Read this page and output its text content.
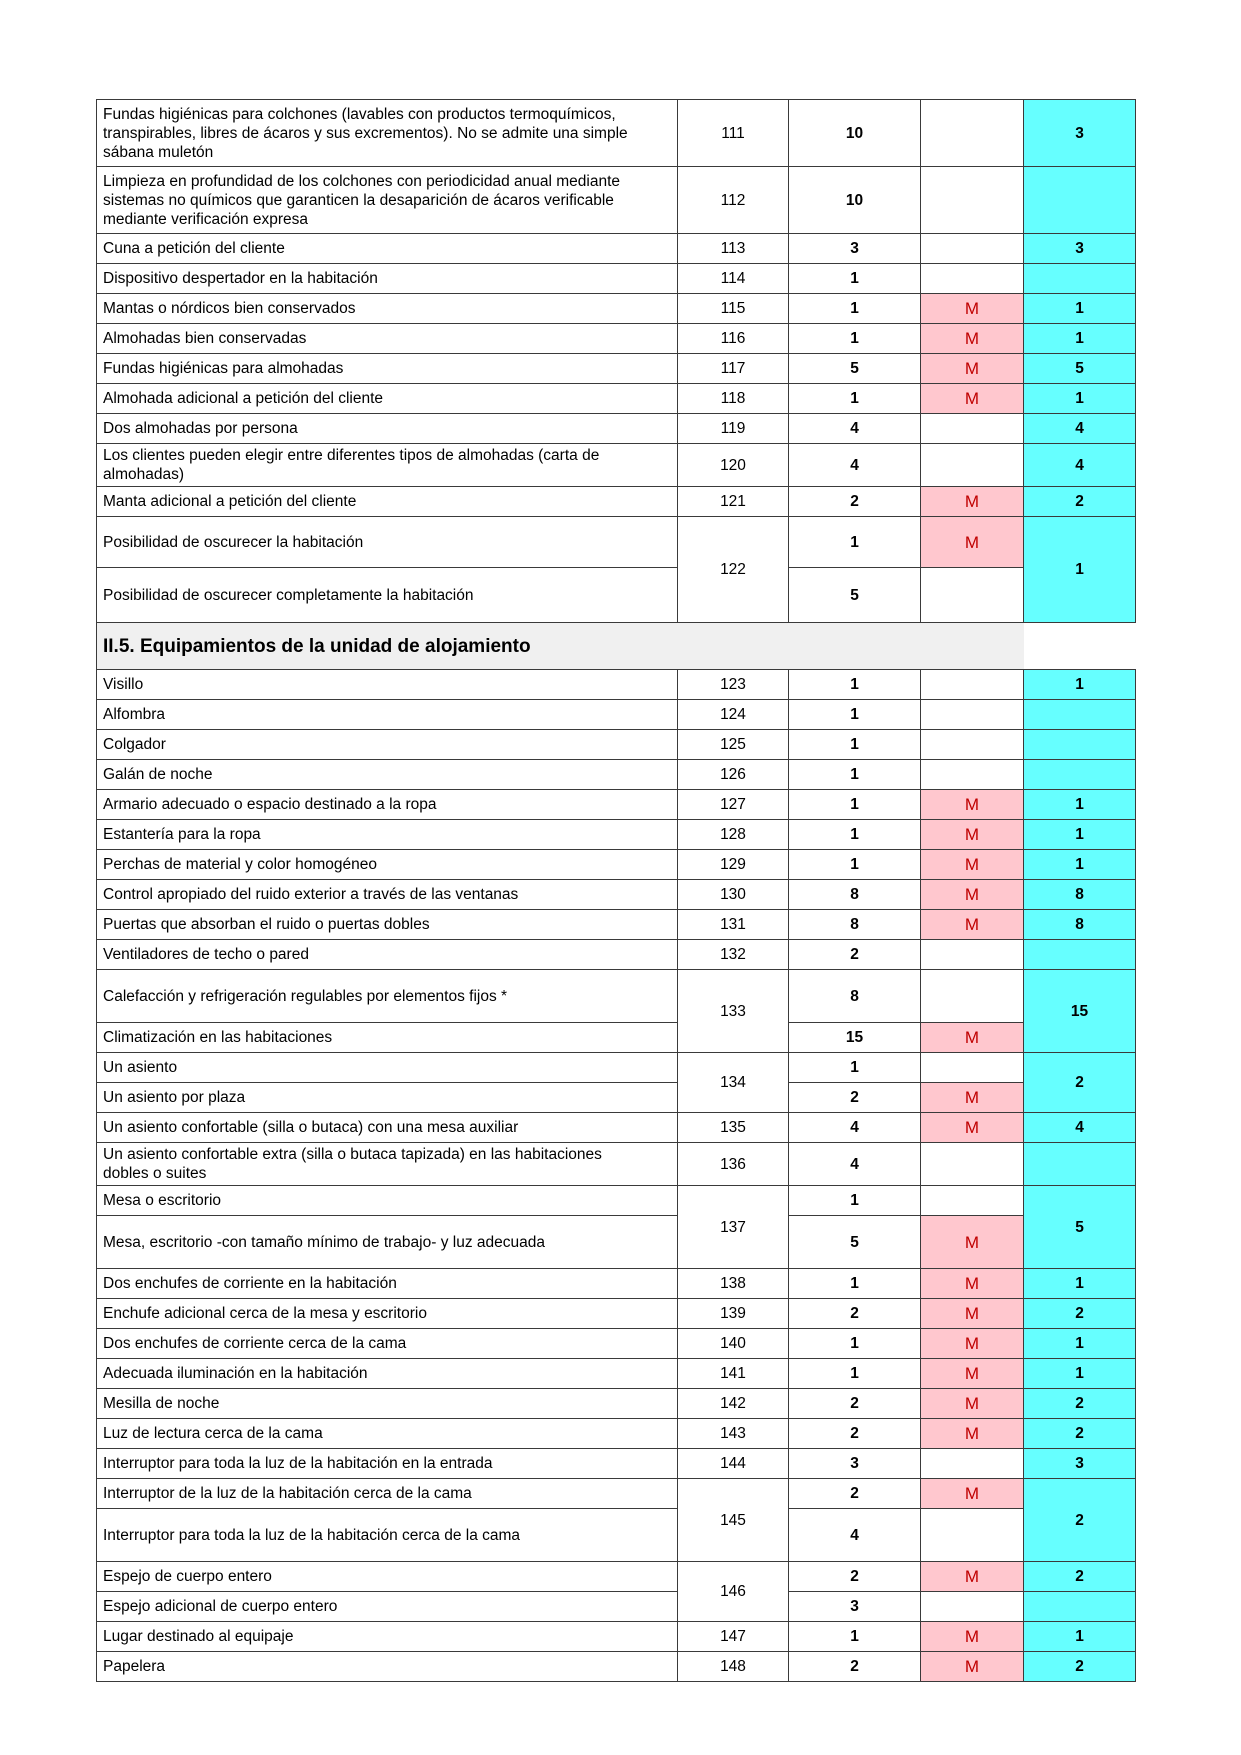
Fundas higiénicas para colchones (lavables con productos termoquímicos, transpirables, libres de ácaros y sus excrementos). No se admite una simple sábana muletón	111	10		3
Limpieza en profundidad de los colchones con periodicidad anual mediante sistemas no químicos que garanticen la desaparición de ácaros verificable mediante verificación expresa	112	10		
Cuna a petición del cliente	113	3		3
Dispositivo despertador en la habitación	114	1		
Mantas o nórdicos bien conservados	115	1	M	1
Almohadas bien conservadas	116	1	M	1
Fundas higiénicas para almohadas	117	5	M	5
Almohada adicional a petición del cliente	118	1	M	1
Dos almohadas por persona	119	4		4
Los clientes pueden elegir entre diferentes tipos de almohadas (carta de almohadas)	120	4		4
Manta adicional a petición del cliente	121	2	M	2
Posibilidad de oscurecer la habitación	122	1	M	1
Posibilidad de oscurecer completamente la habitación		5		
II.5. Equipamientos de la unidad de alojamiento				
Visillo	123	1		1
Alfombra	124	1		
Colgador	125	1		
Galán de noche	126	1		
Armario adecuado o espacio destinado a la ropa	127	1	M	1
Estantería para la ropa	128	1	M	1
Perchas de material y color homogéneo	129	1	M	1
Control apropiado del ruido exterior a través de las ventanas	130	8	M	8
Puertas que absorban el ruido o puertas dobles	131	8	M	8
Ventiladores de techo o pared	132	2		
Calefacción y refrigeración regulables por elementos fijos *	133	8		15
Climatización en las habitaciones		15	M	
Un asiento	134	1		2
Un asiento por plaza		2	M	
Un asiento confortable (silla o butaca) con una mesa auxiliar	135	4	M	4
Un asiento confortable extra (silla o butaca tapizada) en las habitaciones dobles o suites	136	4		
Mesa o escritorio	137	1		5
Mesa, escritorio -con tamaño mínimo de trabajo- y luz adecuada		5	M	
Dos enchufes de corriente en la habitación	138	1	M	1
Enchufe adicional cerca de la mesa y escritorio	139	2	M	2
Dos enchufes de corriente cerca de la cama	140	1	M	1
Adecuada iluminación en la habitación	141	1	M	1
Mesilla de noche	142	2	M	2
Luz de lectura cerca de la cama	143	2	M	2
Interruptor para toda la luz de la habitación en la entrada	144	3		3
Interruptor de la luz de la habitación cerca de la cama	145	2	M	2
Interruptor para toda la luz de la habitación cerca de la cama		4		
Espejo de cuerpo entero	146	2	M	2
Espejo adicional de cuerpo entero		3		
Lugar destinado al equipaje	147	1	M	1
Papelera	148	2	M	2
